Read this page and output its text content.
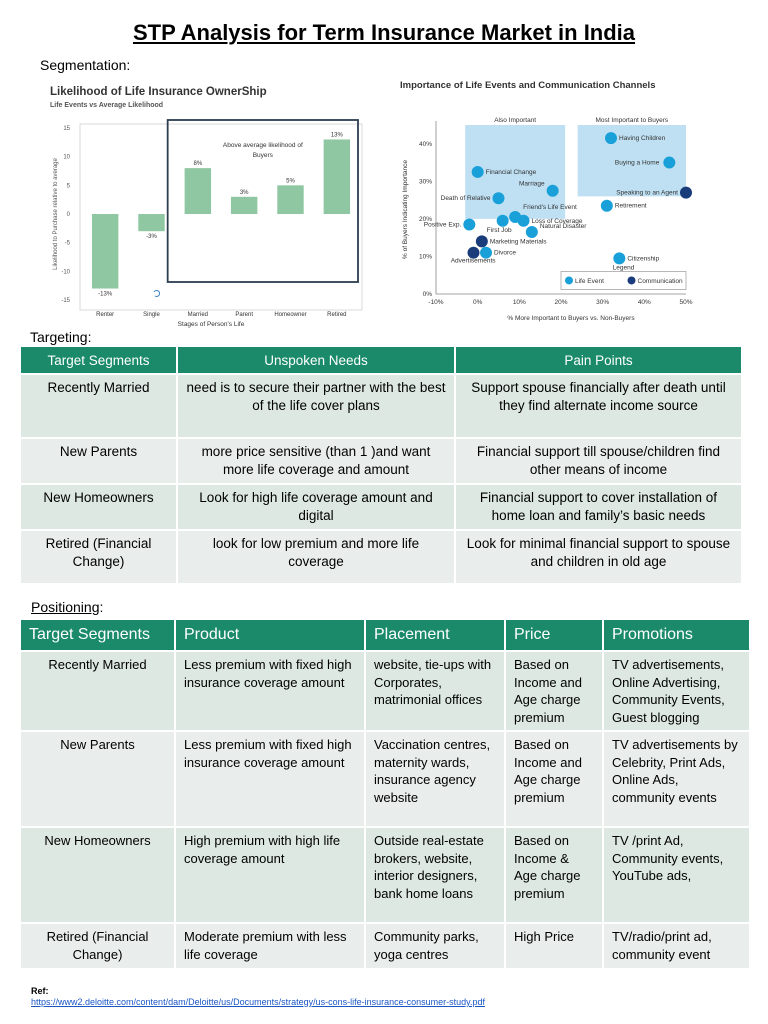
STP Analysis for Term Insurance Market in India
Segmentation:
15
10
5
0
-5
-10
-15
Likelihood to Purchase relative to average
Above average likelihood of
Buyers
-13%
Renter
-3%
Single
8%
Married
3%
Parent
5%
Homeowner
13%
Retired
Stages of Person's Life
Likelihood of Life Insurance OwnerShip
Life Events vs Average Likelihood
Also Important	Most Important to Buyers
-10%	0%	10%	20%	30%	40%	50%
0%
10%
20%
30%
40%
% of Buyers Indicating Importance
% More Important to Buyers vs. Non-Buyers
Having Children
Buying a Home
Financial Change
Marriage
Death of Relative
Retirement
Friend's Life Event
Loss of Coverage
Positive Exp.
First Job
Natural Disaster
Divorce
Citizenship
Speaking to an Agent
Marketing Materials
Advertisements
Legend
Life Event	Communication
Importance of Life Events and Communication Channels
Targeting:
Target Segments	Unspoken Needs	Pain Points
Recently Married	need is to secure their partner with the best of the life cover plans	Support spouse financially after death until they find alternate income source
New Parents	more price sensitive (than 1 )and want more life coverage and amount	Financial support till spouse/children find other means of income
New Homeowners	Look for high life coverage amount and digital	Financial support to cover installation of home loan and family’s basic needs
Retired (Financial Change)	look for low premium and more life coverage	Look for minimal financial support to spouse and children in old age
Positioning:
Target Segments	Product	Placement	Price	Promotions
Recently Married	Less premium with fixed high insurance coverage amount	website, tie-ups with Corporates, matrimonial offices	Based on Income and Age charge premium	TV advertisements, Online Advertising, Community Events, Guest blogging
New Parents	Less premium with fixed high insurance coverage amount	Vaccination centres, maternity wards, insurance agency website	Based on Income and Age charge premium	TV advertisements by Celebrity, Print Ads, Online Ads, community events
New Homeowners	High premium with high life coverage amount	Outside real-estate brokers, website, interior designers, bank home loans	Based on Income & Age charge premium	TV /print Ad, Community events, YouTube ads,
Retired (Financial Change)	Moderate premium with less life coverage	Community parks, yoga centres	High Price	TV/radio/print ad, community event
Ref:
https://www2.deloitte.com/content/dam/Deloitte/us/Documents/strategy/us-cons-life-insurance-consumer-study.pdf
